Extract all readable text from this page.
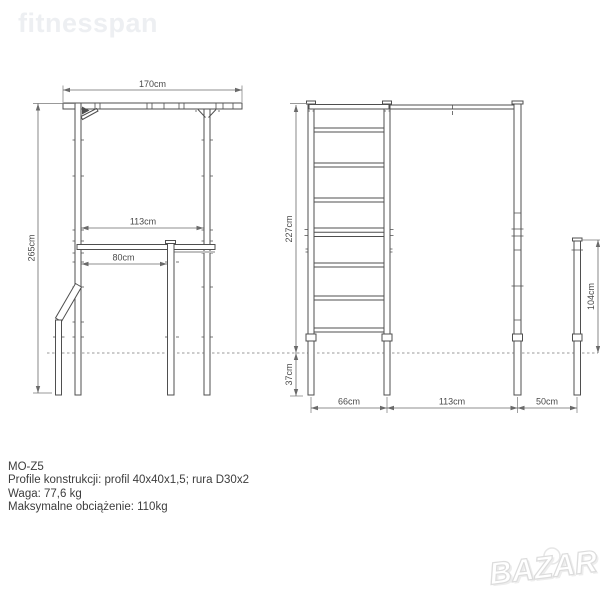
fitnesspan
170cm
265cm
113cm
80cm
227cm
37cm
104cm
66cm	113cm	50cm
MO-Z5
Profile konstrukcji: profil 40x40x1,5; rura D30x2
Waga: 77,6 kg
Maksymalne obciążenie: 110kg
BAZAR
